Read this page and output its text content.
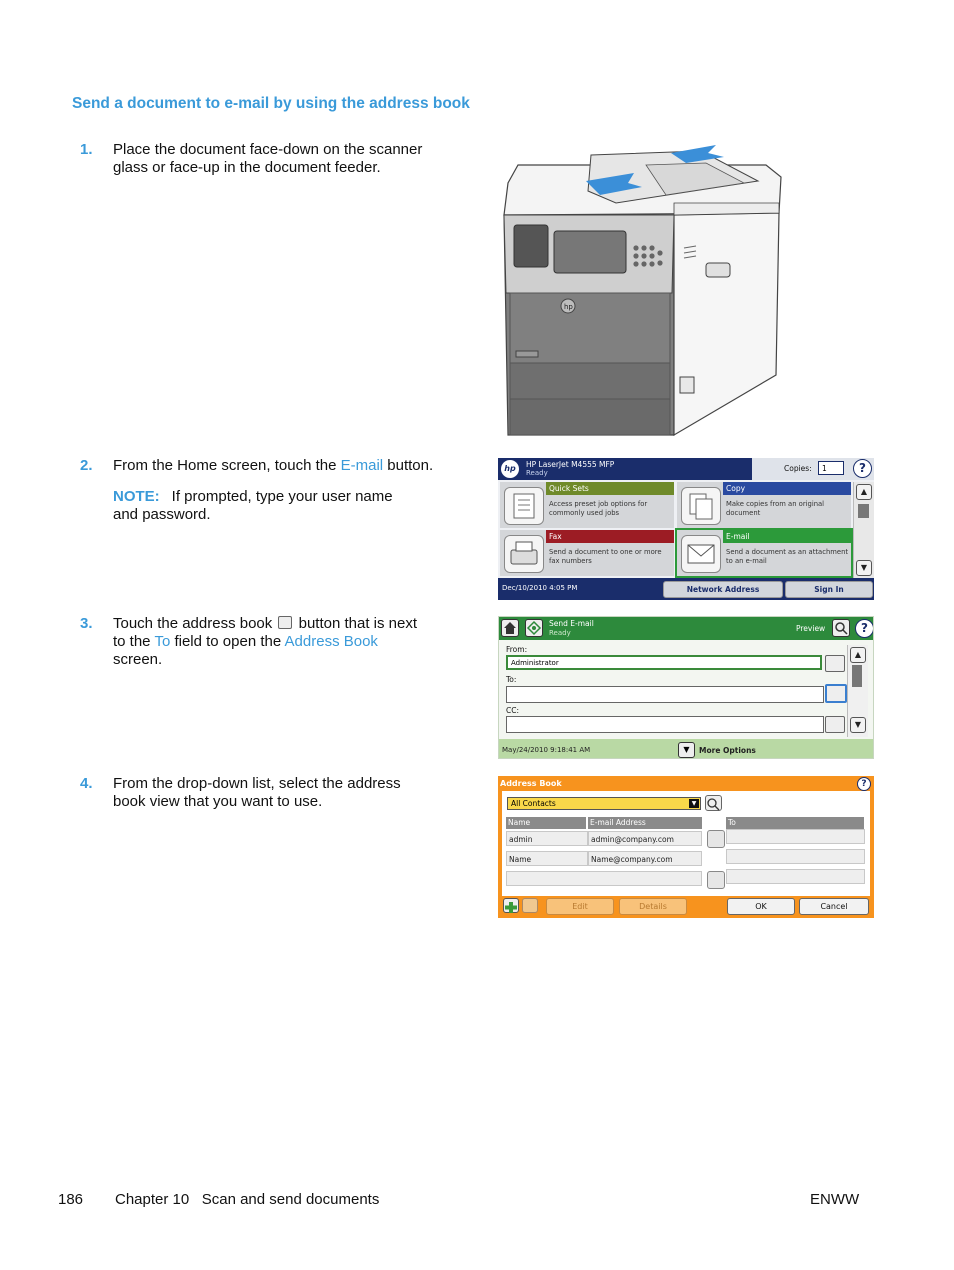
Send a document to e-mail by using the address book
1. Place the document face-down on the scanner
glass or face-up in the document feeder.
hp
2. From the Home screen, touch the E-mail button.
NOTE: If prompted, type your user name
and password.
hp	HP LaserJet M4555 MFP
Ready	Copies:	1	?
Quick Sets
Access preset job options for commonly used jobs
Copy
Make copies from an original document
Fax
Send a document to one or more fax numbers
E-mail
Send a document as an attachment to an e-mail
▲
▼
Dec/10/2010 4:05 PM	Network Address	Sign In
3. Touch the address book  button that is next
to the To field to open the Address Book
screen.
Send E-mail
Ready	Preview	?
From:
Administrator
To:
CC:
▲
▼
May/24/2010 9:18:41 AM	▼	More Options
4. From the drop-down list, select the address
book view that you want to use.
Address Book	?
All Contacts	▼
Name	E-mail Address	To
admin	admin@company.com
Name	Name@company.com
Edit	Details	OK	Cancel
186 Chapter 10   Scan and send documents	ENWW
